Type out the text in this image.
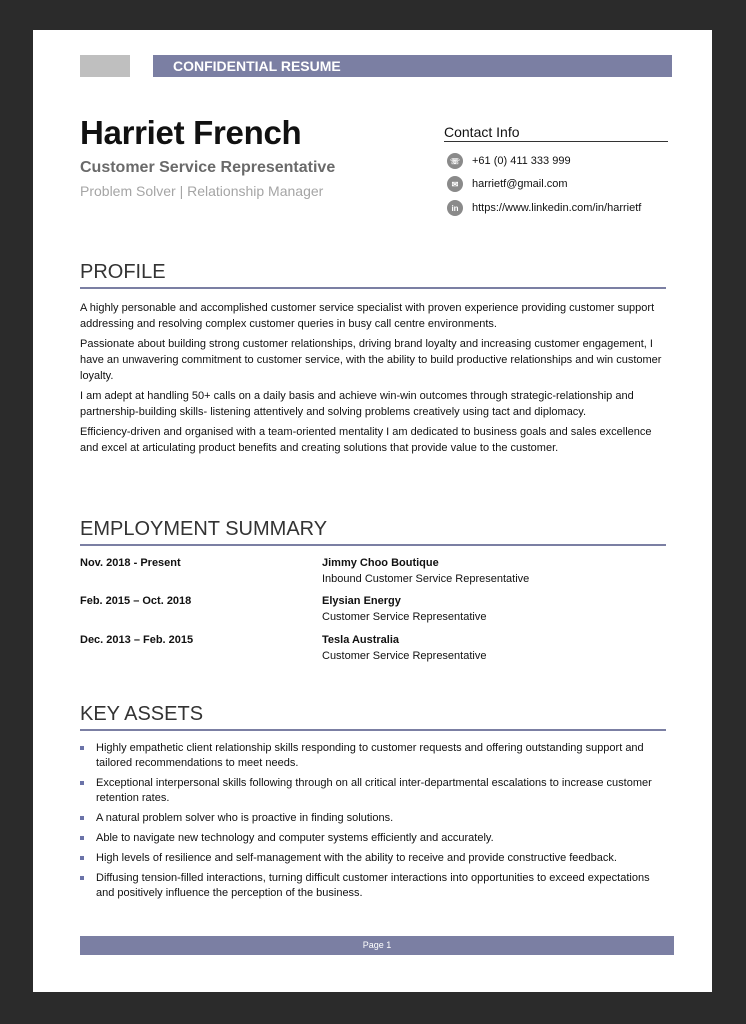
CONFIDENTIAL RESUME
Harriet French
Customer Service Representative
Problem Solver | Relationship Manager
Contact Info
☏ +61 (0) 411 333 999
✉	harrietf@gmail.com
in	https://www.linkedin.com/in/harrietf
PROFILE

A highly personable and accomplished customer service specialist with proven experience providing customer support addressing and resolving complex customer queries in busy call centre environments.

Passionate about building strong customer relationships, driving brand loyalty and increasing customer engagement, I have an unwavering commitment to customer service, with the ability to build productive relationships and win customer loyalty.

I am adept at handling 50+ calls on a daily basis and achieve win-win outcomes through strategic-relationship and partnership-building skills- listening attentively and solving problems creatively using tact and diplomacy.

Efficiency-driven and organised with a team-oriented mentality I am dedicated to business goals and sales excellence and excel at articulating product benefits and creating solutions that provide value to the customer.

EMPLOYMENT SUMMARY
Nov. 2018 - Present	Jimmy Choo Boutique
Inbound Customer Service Representative
Feb. 2015 – Oct. 2018	Elysian Energy
Customer Service Representative
Dec. 2013 – Feb. 2015	Tesla Australia
Customer Service Representative
KEY ASSETS
Highly empathetic client relationship skills responding to customer requests and offering outstanding support and tailored recommendations to meet needs.
Exceptional interpersonal skills following through on all critical inter-departmental escalations to increase customer retention rates.
A natural problem solver who is proactive in finding solutions.
Able to navigate new technology and computer systems efficiently and accurately.
High levels of resilience and self-management with the ability to receive and provide constructive feedback.
Diffusing tension-filled interactions, turning difficult customer interactions into opportunities to exceed expectations and positively influence the perception of the business.
Page 1
